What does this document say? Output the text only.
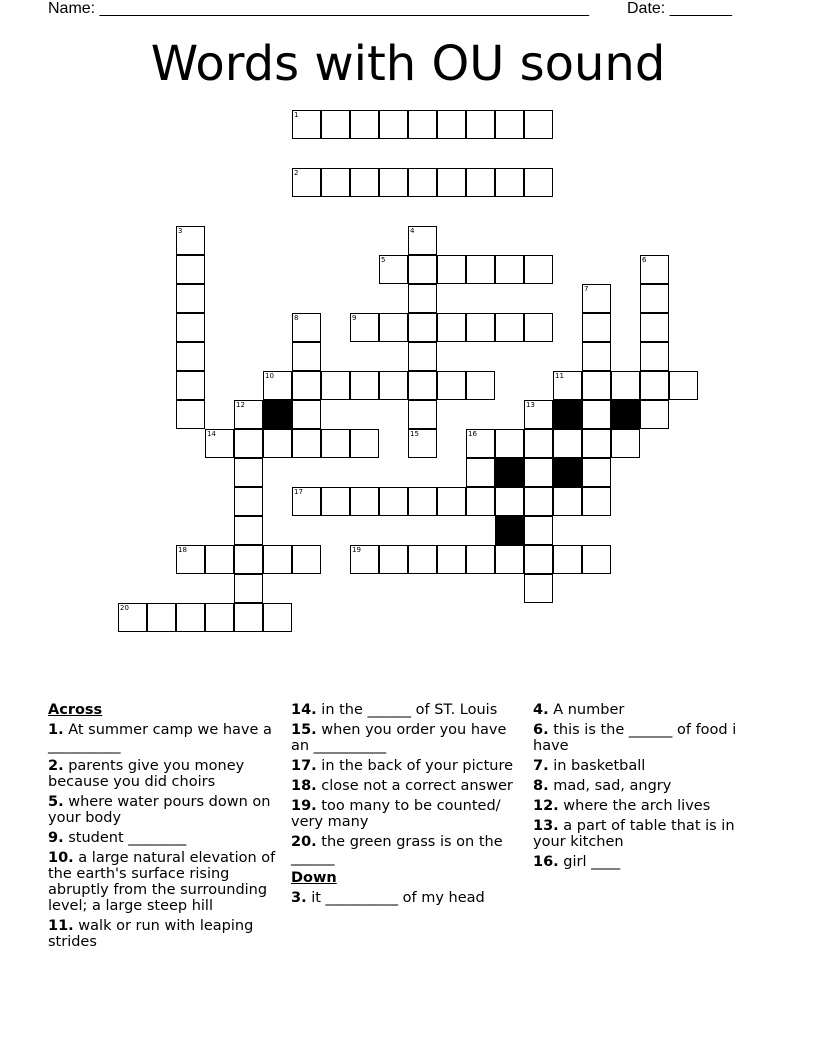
Name: _______________________________________________________ Date: _______
Words with OU sound
1
2
3	4
5	6
7
8	9
10	11
12	13
14	15	16
17
18	19
20
Across
1. At summer camp we have a __________
2. parents give you money because you did choirs
5. where water pours down on your body
9. student ________
10. a large natural elevation of the earth's surface rising abruptly from the surrounding level; a large steep hill
11. walk or run with leaping strides
14. in the ______ of ST. Louis
15. when you order you have an __________
17. in the back of your picture
18. close not a correct answer
19. too many to be counted/ very many
20. the green grass is on the ______
Down
3. it __________ of my head
4. A number
6. this is the ______ of food i have
7. in basketball
8. mad, sad, angry
12. where the arch lives
13. a part of table that is in your kitchen
16. girl ____
